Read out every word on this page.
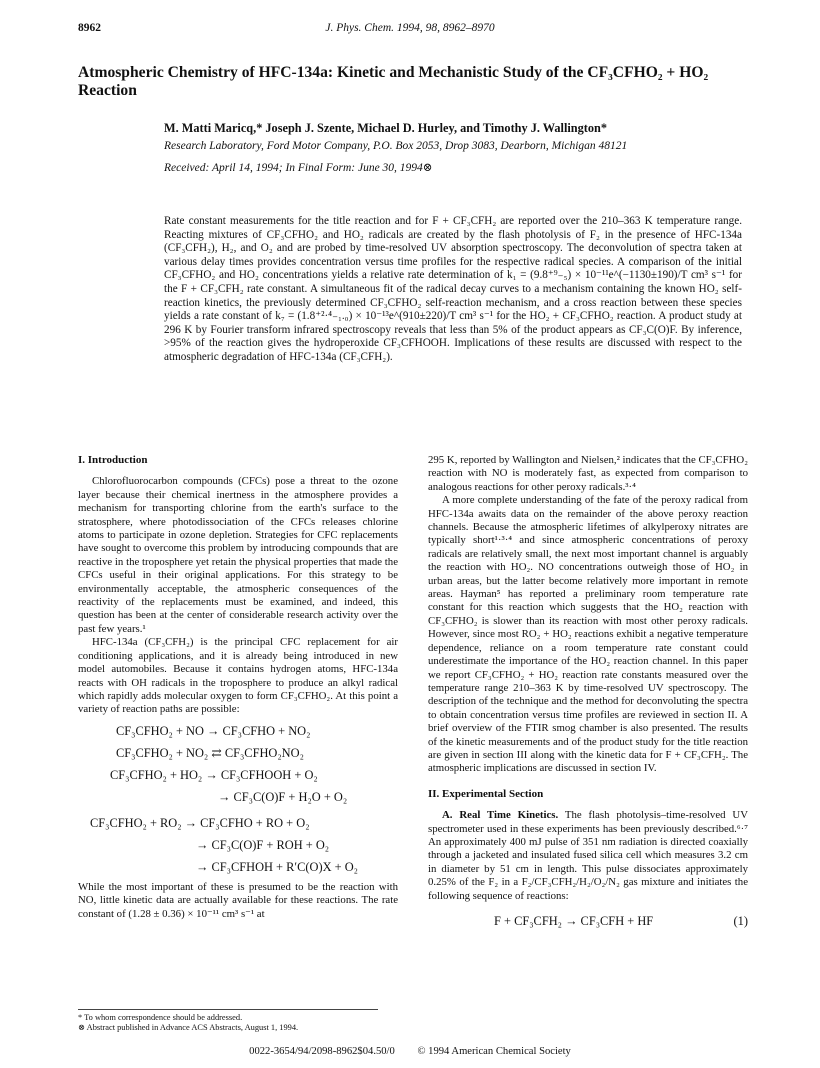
8962	J. Phys. Chem. 1994, 98, 8962–8970
Atmospheric Chemistry of HFC-134a: Kinetic and Mechanistic Study of the CF₃CFHO₂ + HO₂ Reaction
M. Matti Maricq,* Joseph J. Szente, Michael D. Hurley, and Timothy J. Wallington*
Research Laboratory, Ford Motor Company, P.O. Box 2053, Drop 3083, Dearborn, Michigan 48121
Received: April 14, 1994; In Final Form: June 30, 1994⊗

Rate constant measurements for the title reaction and for F + CF₃CFH₂ are reported over the 210–363 K temperature range. Reacting mixtures of CF₃CFHO₂ and HO₂ radicals are created by the flash photolysis of F₂ in the presence of HFC-134a (CF₃CFH₂), H₂, and O₂ and are probed by time-resolved UV absorption spectroscopy. The deconvolution of spectra taken at various delay times provides concentration versus time profiles for the respective radical species. A comparison of the initial CF₃CFHO₂ and HO₂ concentrations yields a relative rate determination of k₁ = (9.8⁺⁹₋₅) × 10⁻¹¹e^(−1130±190)/T cm³ s⁻¹ for the F + CF₃CFH₂ rate constant. A simultaneous fit of the radical decay curves to a mechanism containing the known HO₂ self-reaction kinetics, the previously determined CF₃CFHO₂ self-reaction mechanism, and a cross reaction between these species yields a rate constant of k₇ = (1.8⁺²·⁴₋₁.₀) × 10⁻¹³e^(910±220)/T cm³ s⁻¹ for the HO₂ + CF₃CFHO₂ reaction. A product study at 296 K by Fourier transform infrared spectroscopy reveals that less than 5% of the product appears as CF₃C(O)F. By inference, >95% of the reaction gives the hydroperoxide CF₃CFHOOH. Implications of these results are discussed with respect to the atmospheric degradation of HFC-134a (CF₃CFH₂).

I. Introduction

Chlorofluorocarbon compounds (CFCs) pose a threat to the ozone layer because their chemical inertness in the atmosphere provides a mechanism for transporting chlorine from the earth's surface to the stratosphere, where photodissociation of the CFCs releases chlorine atoms to participate in ozone depletion. Strategies for CFC replacements have sought to overcome this problem by introducing compounds that are reactive in the troposphere yet retain the physical properties that made the CFCs useful in their original applications. For this strategy to be environmentally acceptable, the atmospheric consequences of the reactivity of the replacements must be examined, and indeed, this question has been at the center of considerable research activity over the past few years.¹

HFC-134a (CF₃CFH₂) is the principal CFC replacement for air conditioning applications, and it is already being introduced in new model automobiles. Because it contains hydrogen atoms, HFC-134a reacts with OH radicals in the troposphere to produce an alkyl radical which rapidly adds molecular oxygen to form CF₃CFHO₂. At this point a variety of reaction paths are possible:

CF₃CFHO₂ + NO → CF₃CFHO + NO₂
CF₃CFHO₂ + NO₂ ⇄ CF₃CFHO₂NO₂
CF₃CFHO₂ + HO₂ → CF₃CFHOOH + O₂
→ CF₃C(O)F + H₂O + O₂
CF₃CFHO₂ + RO₂ → CF₃CFHO + RO + O₂
→ CF₃C(O)F + ROH + O₂
→ CF₃CFHOH + R′C(O)X + O₂

While the most important of these is presumed to be the reaction with NO, little kinetic data are actually available for these reactions. The rate constant of (1.28 ± 0.36) × 10⁻¹¹ cm³ s⁻¹ at

295 K, reported by Wallington and Nielsen,² indicates that the CF₃CFHO₂ reaction with NO is moderately fast, as expected from comparison to analogous reactions for other peroxy radicals.³·⁴

A more complete understanding of the fate of the peroxy radical from HFC-134a awaits data on the remainder of the above peroxy reaction channels. Because the atmospheric lifetimes of alkylperoxy nitrates are typically short¹·³·⁴ and since atmospheric concentrations of peroxy radicals are relatively small, the next most important channel is arguably the reaction with HO₂. NO concentrations outweigh those of HO₂ in urban areas, but the latter become relatively more important in remote areas. Hayman⁵ has reported a preliminary room temperature rate constant for this reaction which suggests that the HO₂ reaction with CF₃CFHO₂ is slower than its reaction with most other peroxy radicals. However, since most RO₂ + HO₂ reactions exhibit a negative temperature dependence, reliance on a room temperature rate constant could underestimate the importance of the HO₂ reaction channel. In this paper we report CF₃CFHO₂ + HO₂ reaction rate constants measured over the temperature range 210–363 K by time-resolved UV spectroscopy. The description of the technique and the method for deconvoluting the spectra to obtain concentration versus time profiles are reviewed in section II. A brief overview of the FTIR smog chamber is also presented. The results of the kinetic measurements and of the product study for the title reaction are given in section III along with the kinetic data for F + CF₃CFH₂. The atmospheric implications are discussed in section IV.

II. Experimental Section

A. Real Time Kinetics. The flash photolysis–time-resolved UV spectrometer used in these experiments has been previously described.⁶·⁷ An approximately 400 mJ pulse of 351 nm radiation is directed coaxially through a jacketed and insulated fused silica cell which measures 3.2 cm in diameter by 51 cm in length. This pulse dissociates approximately 0.25% of the F₂ in a F₂/CF₃CFH₂/H₂/O₂/N₂ gas mixture and initiates the following sequence of reactions:

F + CF₃CFH₂ → CF₃CFH + HF	(1)
* To whom correspondence should be addressed.
⊗ Abstract published in Advance ACS Abstracts, August 1, 1994.
0022-3654/94/2098-8962$04.50/0 © 1994 American Chemical Society
